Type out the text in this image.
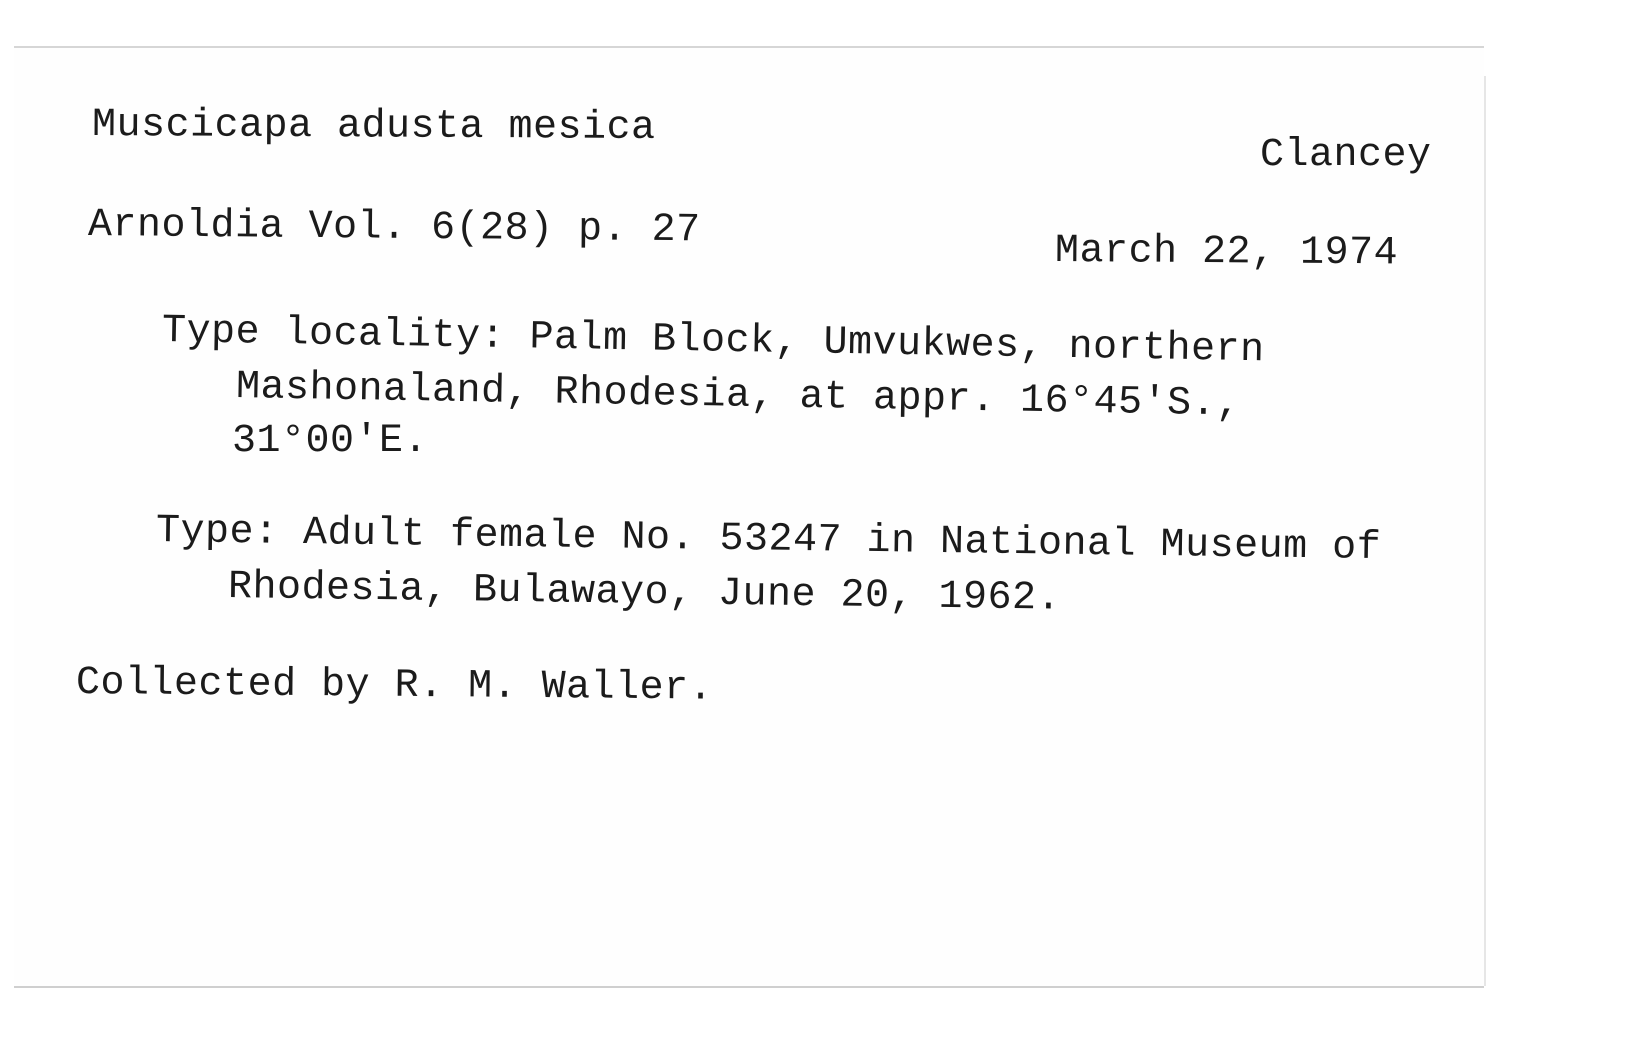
Muscicapa adusta mesica
Clancey
Arnoldia Vol. 6(28) p. 27	March 22, 1974
Type locality: Palm Block, Umvukwes, northern
Mashonaland, Rhodesia, at appr. 16°45'S.,
31°00'E.
Type: Adult female No. 53247 in National Museum of
Rhodesia, Bulawayo, June 20, 1962.
Collected by R. M. Waller.
